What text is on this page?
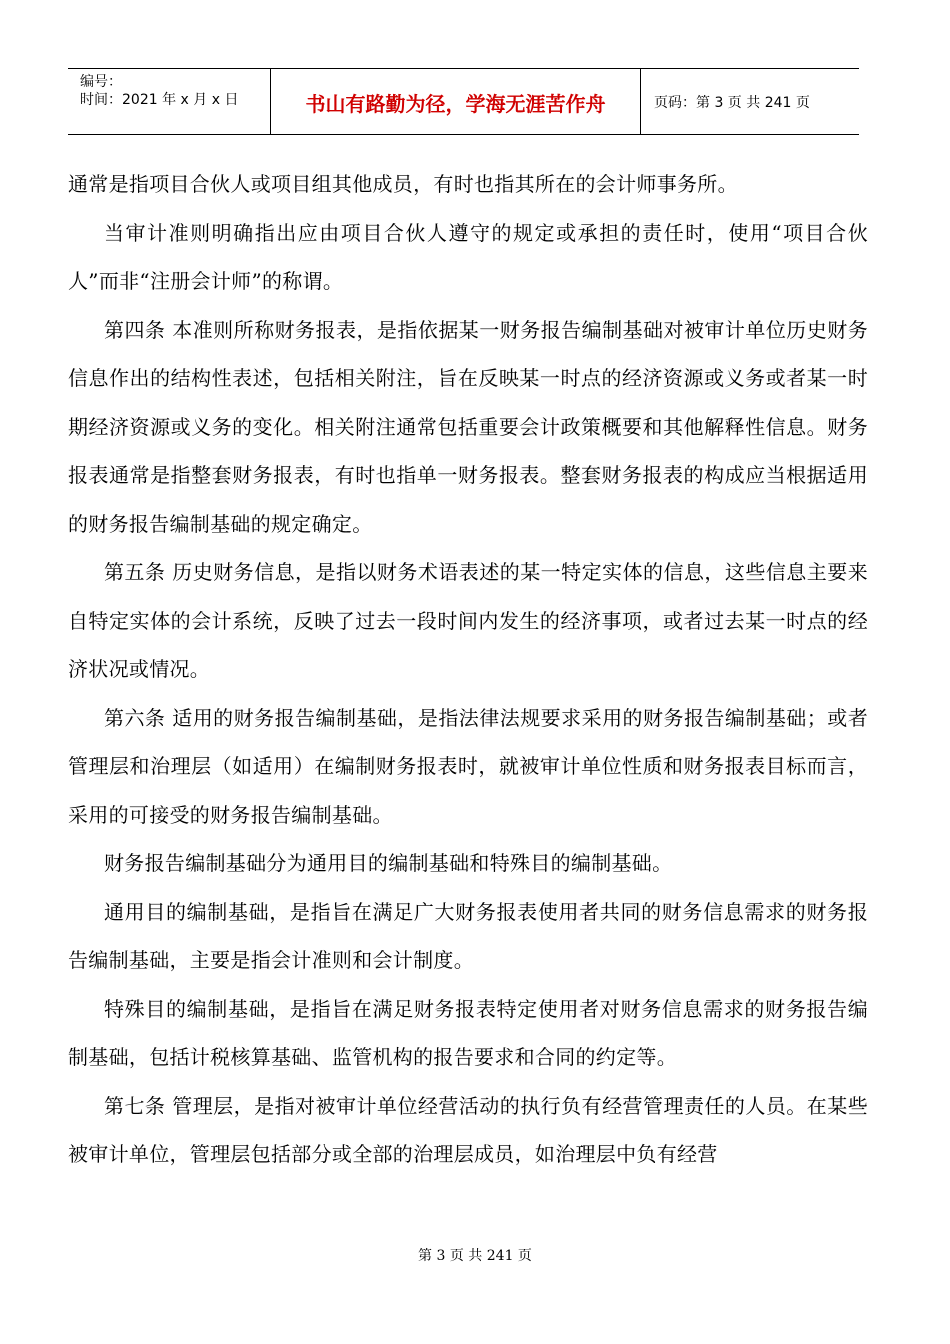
编号：
时间：2021 年 x 月 x 日	书山有路勤为径，学海无涯苦作舟	页码：第 3 页 共 241 页

通常是指项目合伙人或项目组其他成员，有时也指其所在的会计师事务所。

当审计准则明确指出应由项目合伙人遵守的规定或承担的责任时，使用“项目合伙人”而非“注册会计师”的称谓。

第四条 本准则所称财务报表，是指依据某一财务报告编制基础对被审计单位历史财务信息作出的结构性表述，包括相关附注，旨在反映某一时点的经济资源或义务或者某一时期经济资源或义务的变化。相关附注通常包括重要会计政策概要和其他解释性信息。财务报表通常是指整套财务报表，有时也指单一财务报表。整套财务报表的构成应当根据适用的财务报告编制基础的规定确定。

第五条 历史财务信息，是指以财务术语表述的某一特定实体的信息，这些信息主要来自特定实体的会计系统，反映了过去一段时间内发生的经济事项，或者过去某一时点的经济状况或情况。

第六条 适用的财务报告编制基础，是指法律法规要求采用的财务报告编制基础；或者管理层和治理层（如适用）在编制财务报表时，就被审计单位性质和财务报表目标而言，采用的可接受的财务报告编制基础。

财务报告编制基础分为通用目的编制基础和特殊目的编制基础。

通用目的编制基础，是指旨在满足广大财务报表使用者共同的财务信息需求的财务报告编制基础，主要是指会计准则和会计制度。

特殊目的编制基础，是指旨在满足财务报表特定使用者对财务信息需求的财务报告编制基础，包括计税核算基础、监管机构的报告要求和合同的约定等。

第七条 管理层，是指对被审计单位经营活动的执行负有经营管理责任的人员。在某些被审计单位，管理层包括部分或全部的治理层成员，如治理层中负有经营

第 3 页 共 241 页
